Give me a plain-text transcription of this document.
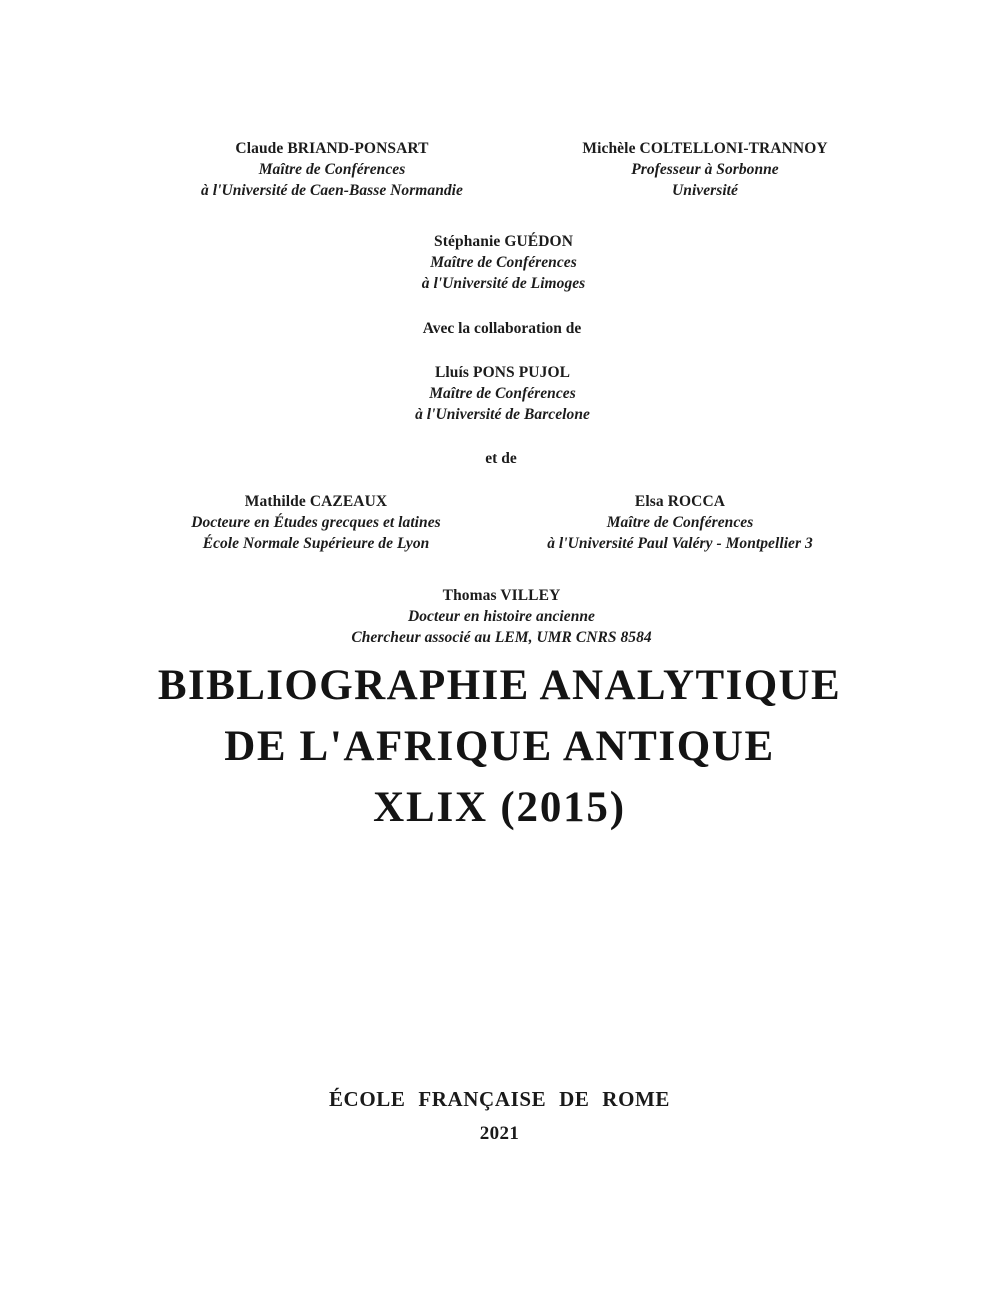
Claude BRIAND-PONSART
Maître de Conférences
à l'Université de Caen-Basse Normandie
Michèle COLTELLONI-TRANNOY
Professeur à Sorbonne
Université
Stéphanie GUÉDON
Maître de Conférences
à l'Université de Limoges
Avec la collaboration de
Lluís PONS PUJOL
Maître de Conférences
à l'Université de Barcelone
et de
Mathilde CAZEAUX
Docteure en Études grecques et latines
École Normale Supérieure de Lyon
Elsa ROCCA
Maître de Conférences
à l'Université Paul Valéry - Montpellier 3
Thomas VILLEY
Docteur en histoire ancienne
Chercheur associé au LEM, UMR CNRS 8584
BIBLIOGRAPHIE ANALYTIQUE
DE L'AFRIQUE ANTIQUE
XLIX (2015)
ÉCOLE FRANÇAISE DE ROME
2021
